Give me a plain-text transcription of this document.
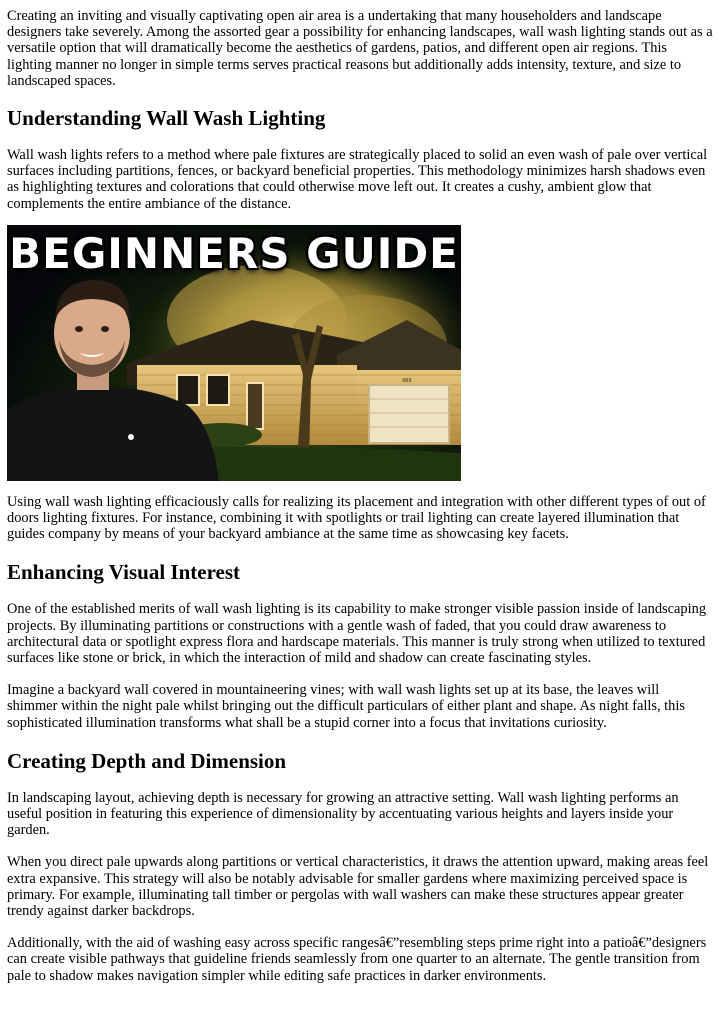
Creating an inviting and visually captivating open air area is a undertaking that many householders and landscape designers take severely. Among the assorted gear a possibility for enhancing landscapes, wall wash lighting stands out as a versatile option that will dramatically become the aesthetics of gardens, patios, and different open air regions. This lighting manner no longer in simple terms serves practical reasons but additionally adds intensity, texture, and size to landscaped spaces.

Understanding Wall Wash Lighting

Wall wash lights refers to a method where pale fixtures are strategically placed to solid an even wash of pale over vertical surfaces including partitions, fences, or backyard beneficial properties. This methodology minimizes harsh shadows even as highlighting textures and colorations that could otherwise move left out. It creates a cushy, ambient glow that complements the entire ambiance of the distance.

989
BEGINNERS GUIDE

Using wall wash lighting efficaciously calls for realizing its placement and integration with other different types of out of doors lighting fixtures. For instance, combining it with spotlights or trail lighting can create layered illumination that guides company by means of your backyard ambiance at the same time as showcasing key facets.

Enhancing Visual Interest

One of the established merits of wall wash lighting is its capability to make stronger visible passion inside of landscaping projects. By illuminating partitions or constructions with a gentle wash of faded, that you could draw awareness to architectural data or spotlight express flora and hardscape materials. This manner is truly strong when utilized to textured surfaces like stone or brick, in which the interaction of mild and shadow can create fascinating styles.

Imagine a backyard wall covered in mountaineering vines; with wall wash lights set up at its base, the leaves will shimmer within the night pale whilst bringing out the difficult particulars of either plant and shape. As night falls, this sophisticated illumination transforms what shall be a stupid corner into a focus that invitations curiosity.

Creating Depth and Dimension

In landscaping layout, achieving depth is necessary for growing an attractive setting. Wall wash lighting performs an useful position in featuring this experience of dimensionality by accentuating various heights and layers inside your garden.

When you direct pale upwards along partitions or vertical characteristics, it draws the attention upward, making areas feel extra expansive. This strategy will also be notably advisable for smaller gardens where maximizing perceived space is primary. For example, illuminating tall timber or pergolas with wall washers can make these structures appear greater trendy against darker backdrops.

Additionally, with the aid of washing easy across specific rangesâ€”resembling steps prime right into a patioâ€”designers can create visible pathways that guideline friends seamlessly from one quarter to an alternate. The gentle transition from pale to shadow makes navigation simpler while editing safe practices in darker environments.
